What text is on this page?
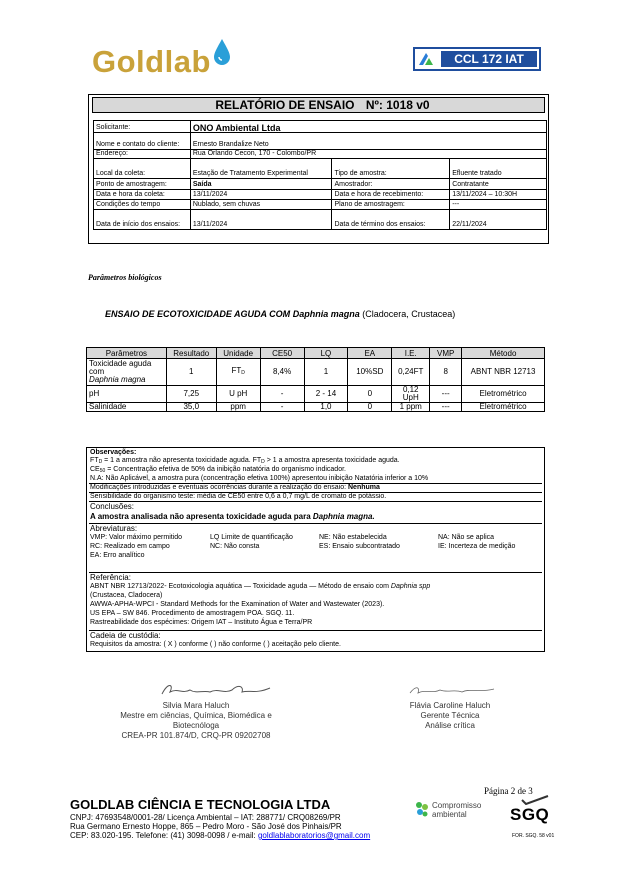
Goldlab	CCL 172 IAT
RELATÓRIO DE ENSAIO Nº: 1018 v0
Solicitante:	ONO Ambiental Ltda		
Nome e contato do cliente:	Ernesto Brandalize Neto		
Endereço:	Rua Orlando Cecon, 170 - Colombo/PR		
Local da coleta:	Estação de Tratamento Experimental	Tipo de amostra:	Efluente tratado
Ponto de amostragem:	Saída	Amostrador:	Contratante
Data e hora da coleta:	13/11/2024	Data e hora de recebimento:	13/11/2024 – 10:30H
Condições do tempo	Nublado, sem chuvas	Plano de amostragem:	---
Data de início dos ensaios:	13/11/2024	Data de término dos ensaios:	22/11/2024
Parâmetros biológicos
ENSAIO DE ECOTOXICIDADE AGUDA COM Daphnia magna (Cladocera, Crustacea)
Parâmetros	Resultado	Unidade	CE50	LQ	EA	I.E.	VMP	Método
Toxicidade aguda com
Daphnia magna	1	$FT_D$	8,4%	1	10%SD	0,24FT	8	ABNT NBR 12713
pH	7,25	U pH	-	2 - 14	0	0,12 UpH	---	Eletrométrico
Salinidade	35,0	ppm	-	1,0	0	1 ppm	---	Eletrométrico
Observações:
$FT_D = 1$ a amostra não apresenta toxicidade aguda. $FT_D > 1$ a amostra apresenta toxicidade aguda.
$CE_{50}$ = Concentração efetiva de 50% da inibição natatória do organismo indicador.
N.A: Não Aplicável, a amostra pura (concentração efetiva 100%) apresentou inibição Natatória inferior a 10%
Modificações introduzidas e eventuais ocorrências durante a realização do ensaio: Nenhuma
Sensibilidade do organismo teste: média de CE50 entre 0,6 a 0,7 mg/L de cromato de potássio.
Conclusões:
A amostra analisada não apresenta toxicidade aguda para Daphnia magna.
Abreviaturas:
VMP: Valor máximo permitido	LQ Limite de quantificação	NE: Não estabelecida	NA: Não se aplica
RC: Realizado em campo	NC: Não consta	ES: Ensaio subcontratado	IE: Incerteza de medição
EA: Erro analítico
Referência:
ABNT NBR 12713/2022- Ecotoxicologia aquática — Toxicidade aguda — Método de ensaio com Daphnia spp
(Crustacea, Cladocera)
AWWA-APHA-WPCI - Standard Methods for the Examination of Water and Wastewater (2023).
US EPA – SW 846. Procedimento de amostragem POA. SGQ. 11.
Rastreabilidade dos espécimes: Origem IAT – Instituto Água e Terra/PR
Cadeia de custódia:
Requisitos da amostra: ( X ) conforme ( ) não conforme ( ) aceitação pelo cliente.
Silvia Mara Haluch
Mestre em ciências, Química, Biomédica e Biotecnóloga
CREA-PR 101.874/D, CRQ-PR 09202708
Flávia Caroline Haluch
Gerente Técnica
Análise crítica
Página 2 de 3
GOLDLAB CIÊNCIA E TECNOLOGIA LTDA
CNPJ: 47693548/0001-28/ Licença Ambiental – IAT: 288771/ CRQ08269/PR
Rua Germano Ernesto Hoppe, 865 – Pedro Moro - São José dos Pinhais/PR
CEP: 83.020-195. Telefone: (41) 3098-0098 / e-mail: goldlablaboratorios@gmail.com
Compromisso ambiental	SGQ
FOR. SGQ. 58 v01
